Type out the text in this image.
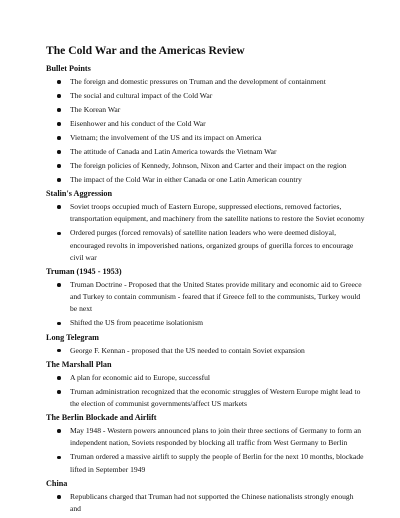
The Cold War and the Americas Review
Bullet Points
The foreign and domestic pressures on Truman and the development of containment
The social and cultural impact of the Cold War
The Korean War
Eisenhower and his conduct of the Cold War
Vietnam; the involvement of the US and its impact on America
The attitude of Canada and Latin America towards the Vietnam War
The foreign policies of Kennedy, Johnson, Nixon and Carter and their impact on the region
The impact of the Cold War in either Canada or one Latin American country
Stalin's Aggression
Soviet troops occupied much of Eastern Europe, suppressed elections, removed factories, transportation equipment, and machinery from the satellite nations to restore the Soviet economy
Ordered purges (forced removals) of satellite nation leaders who were deemed disloyal, encouraged revolts in impoverished nations, organized groups of guerilla forces to encourage civil war
Truman (1945 - 1953)
Truman Doctrine - Proposed that the United States provide military and economic aid to Greece and Turkey to contain communism - feared that if Greece fell to the communists, Turkey would be next
Shifted the US from peacetime isolationism
Long Telegram
George F. Kennan - proposed that the US needed to contain Soviet expansion
The Marshall Plan
A plan for economic aid to Europe, successful
Truman administration recognized that the economic struggles of Western Europe might lead to the election of communist governments/affect US markets
The Berlin Blockade and Airlift
May 1948 - Western powers announced plans to join their three sections of Germany to form an independent nation, Soviets responded by blocking all traffic from West Germany to Berlin
Truman ordered a massive airlift to supply the people of Berlin for the next 10 months, blockade lifted in September 1949
China
Republicans charged that Truman had not supported the Chinese nationalists strongly enough and
